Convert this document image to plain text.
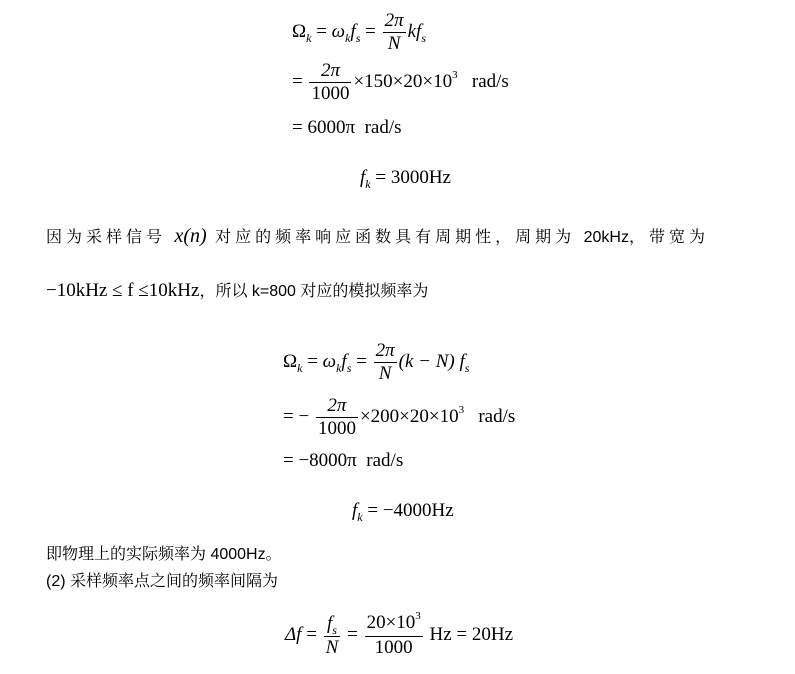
$\Omega_k = \omega_kf_s = \frac{2\pi}{N} kf_s$
= $\frac{2\pi}{1000} \times 150\times 20\times 10^3$ rad/s
= 6000π rad/s
$f_k = 3000Hz$
因为采样信号 x(n) 对应的频率响应函数具有周期性，周期为 20kHz，带宽为
−10kHz ≤ f ≤10kHz，所以 k=800 对应的模拟频率为
$\Omega_k = \omega_kf_s = \frac{2\pi}{N} (k - N)$ $f_s$
= − $\frac{2\pi}{1000} \times 200\times 20\times 10^3$ rad/s
= −8000π rad/s
$f_k = -4000Hz$
即物理上的实际频率为 4000Hz。
(2) 采样频率点之间的频率间隔为
$\Delta f = \frac{f_s}{N} = \frac{20\times 10^3}{1000}$ Hz = 20Hz
